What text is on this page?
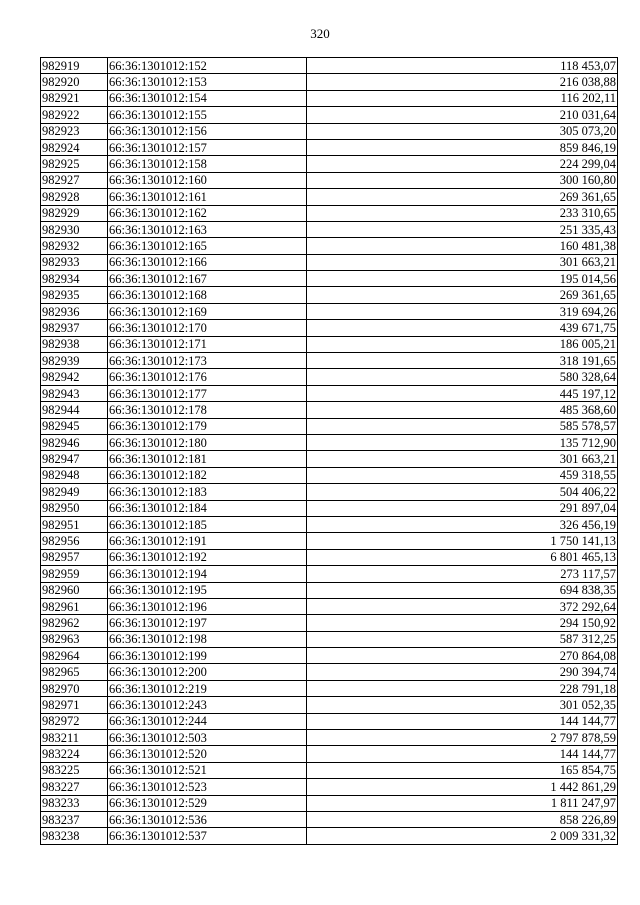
320
982919	66:36:1301012:152	118 453,07
982920	66:36:1301012:153	216 038,88
982921	66:36:1301012:154	116 202,11
982922	66:36:1301012:155	210 031,64
982923	66:36:1301012:156	305 073,20
982924	66:36:1301012:157	859 846,19
982925	66:36:1301012:158	224 299,04
982927	66:36:1301012:160	300 160,80
982928	66:36:1301012:161	269 361,65
982929	66:36:1301012:162	233 310,65
982930	66:36:1301012:163	251 335,43
982932	66:36:1301012:165	160 481,38
982933	66:36:1301012:166	301 663,21
982934	66:36:1301012:167	195 014,56
982935	66:36:1301012:168	269 361,65
982936	66:36:1301012:169	319 694,26
982937	66:36:1301012:170	439 671,75
982938	66:36:1301012:171	186 005,21
982939	66:36:1301012:173	318 191,65
982942	66:36:1301012:176	580 328,64
982943	66:36:1301012:177	445 197,12
982944	66:36:1301012:178	485 368,60
982945	66:36:1301012:179	585 578,57
982946	66:36:1301012:180	135 712,90
982947	66:36:1301012:181	301 663,21
982948	66:36:1301012:182	459 318,55
982949	66:36:1301012:183	504 406,22
982950	66:36:1301012:184	291 897,04
982951	66:36:1301012:185	326 456,19
982956	66:36:1301012:191	1 750 141,13
982957	66:36:1301012:192	6 801 465,13
982959	66:36:1301012:194	273 117,57
982960	66:36:1301012:195	694 838,35
982961	66:36:1301012:196	372 292,64
982962	66:36:1301012:197	294 150,92
982963	66:36:1301012:198	587 312,25
982964	66:36:1301012:199	270 864,08
982965	66:36:1301012:200	290 394,74
982970	66:36:1301012:219	228 791,18
982971	66:36:1301012:243	301 052,35
982972	66:36:1301012:244	144 144,77
983211	66:36:1301012:503	2 797 878,59
983224	66:36:1301012:520	144 144,77
983225	66:36:1301012:521	165 854,75
983227	66:36:1301012:523	1 442 861,29
983233	66:36:1301012:529	1 811 247,97
983237	66:36:1301012:536	858 226,89
983238	66:36:1301012:537	2 009 331,32
